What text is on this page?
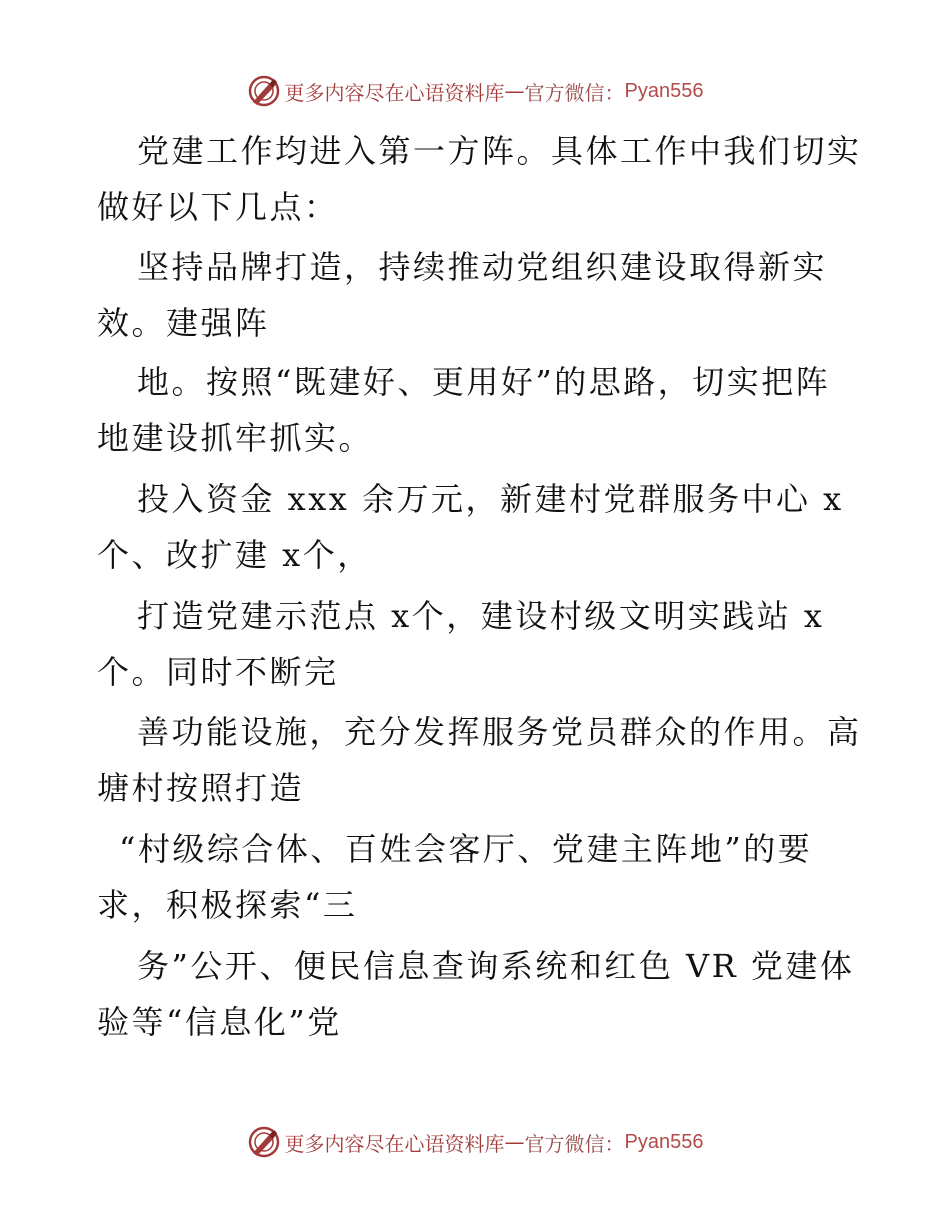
更多内容尽在心语资料库 — 官方微信： Pyan556
党建工作均进入第一方阵。具体工作中我们切实
做好以下几点：
坚持品牌打造，持续推动党组织建设取得新实
效。建强阵
地。按照“既建好、更用好”的思路，切实把阵
地建设抓牢抓实。
投入资金 xxx 余万元，新建村党群服务中心 x
个、改扩建 x个，
打造党建示范点 x个，建设村级文明实践站 x
个。同时不断完
善功能设施，充分发挥服务党员群众的作用。高
塘村按照打造
“村级综合体、百姓会客厅、党建主阵地”的要
求，积极探索“三
务”公开、便民信息查询系统和红色 VR 党建体
验等“信息化”党
更多内容尽在心语资料库 — 官方微信： Pyan556
